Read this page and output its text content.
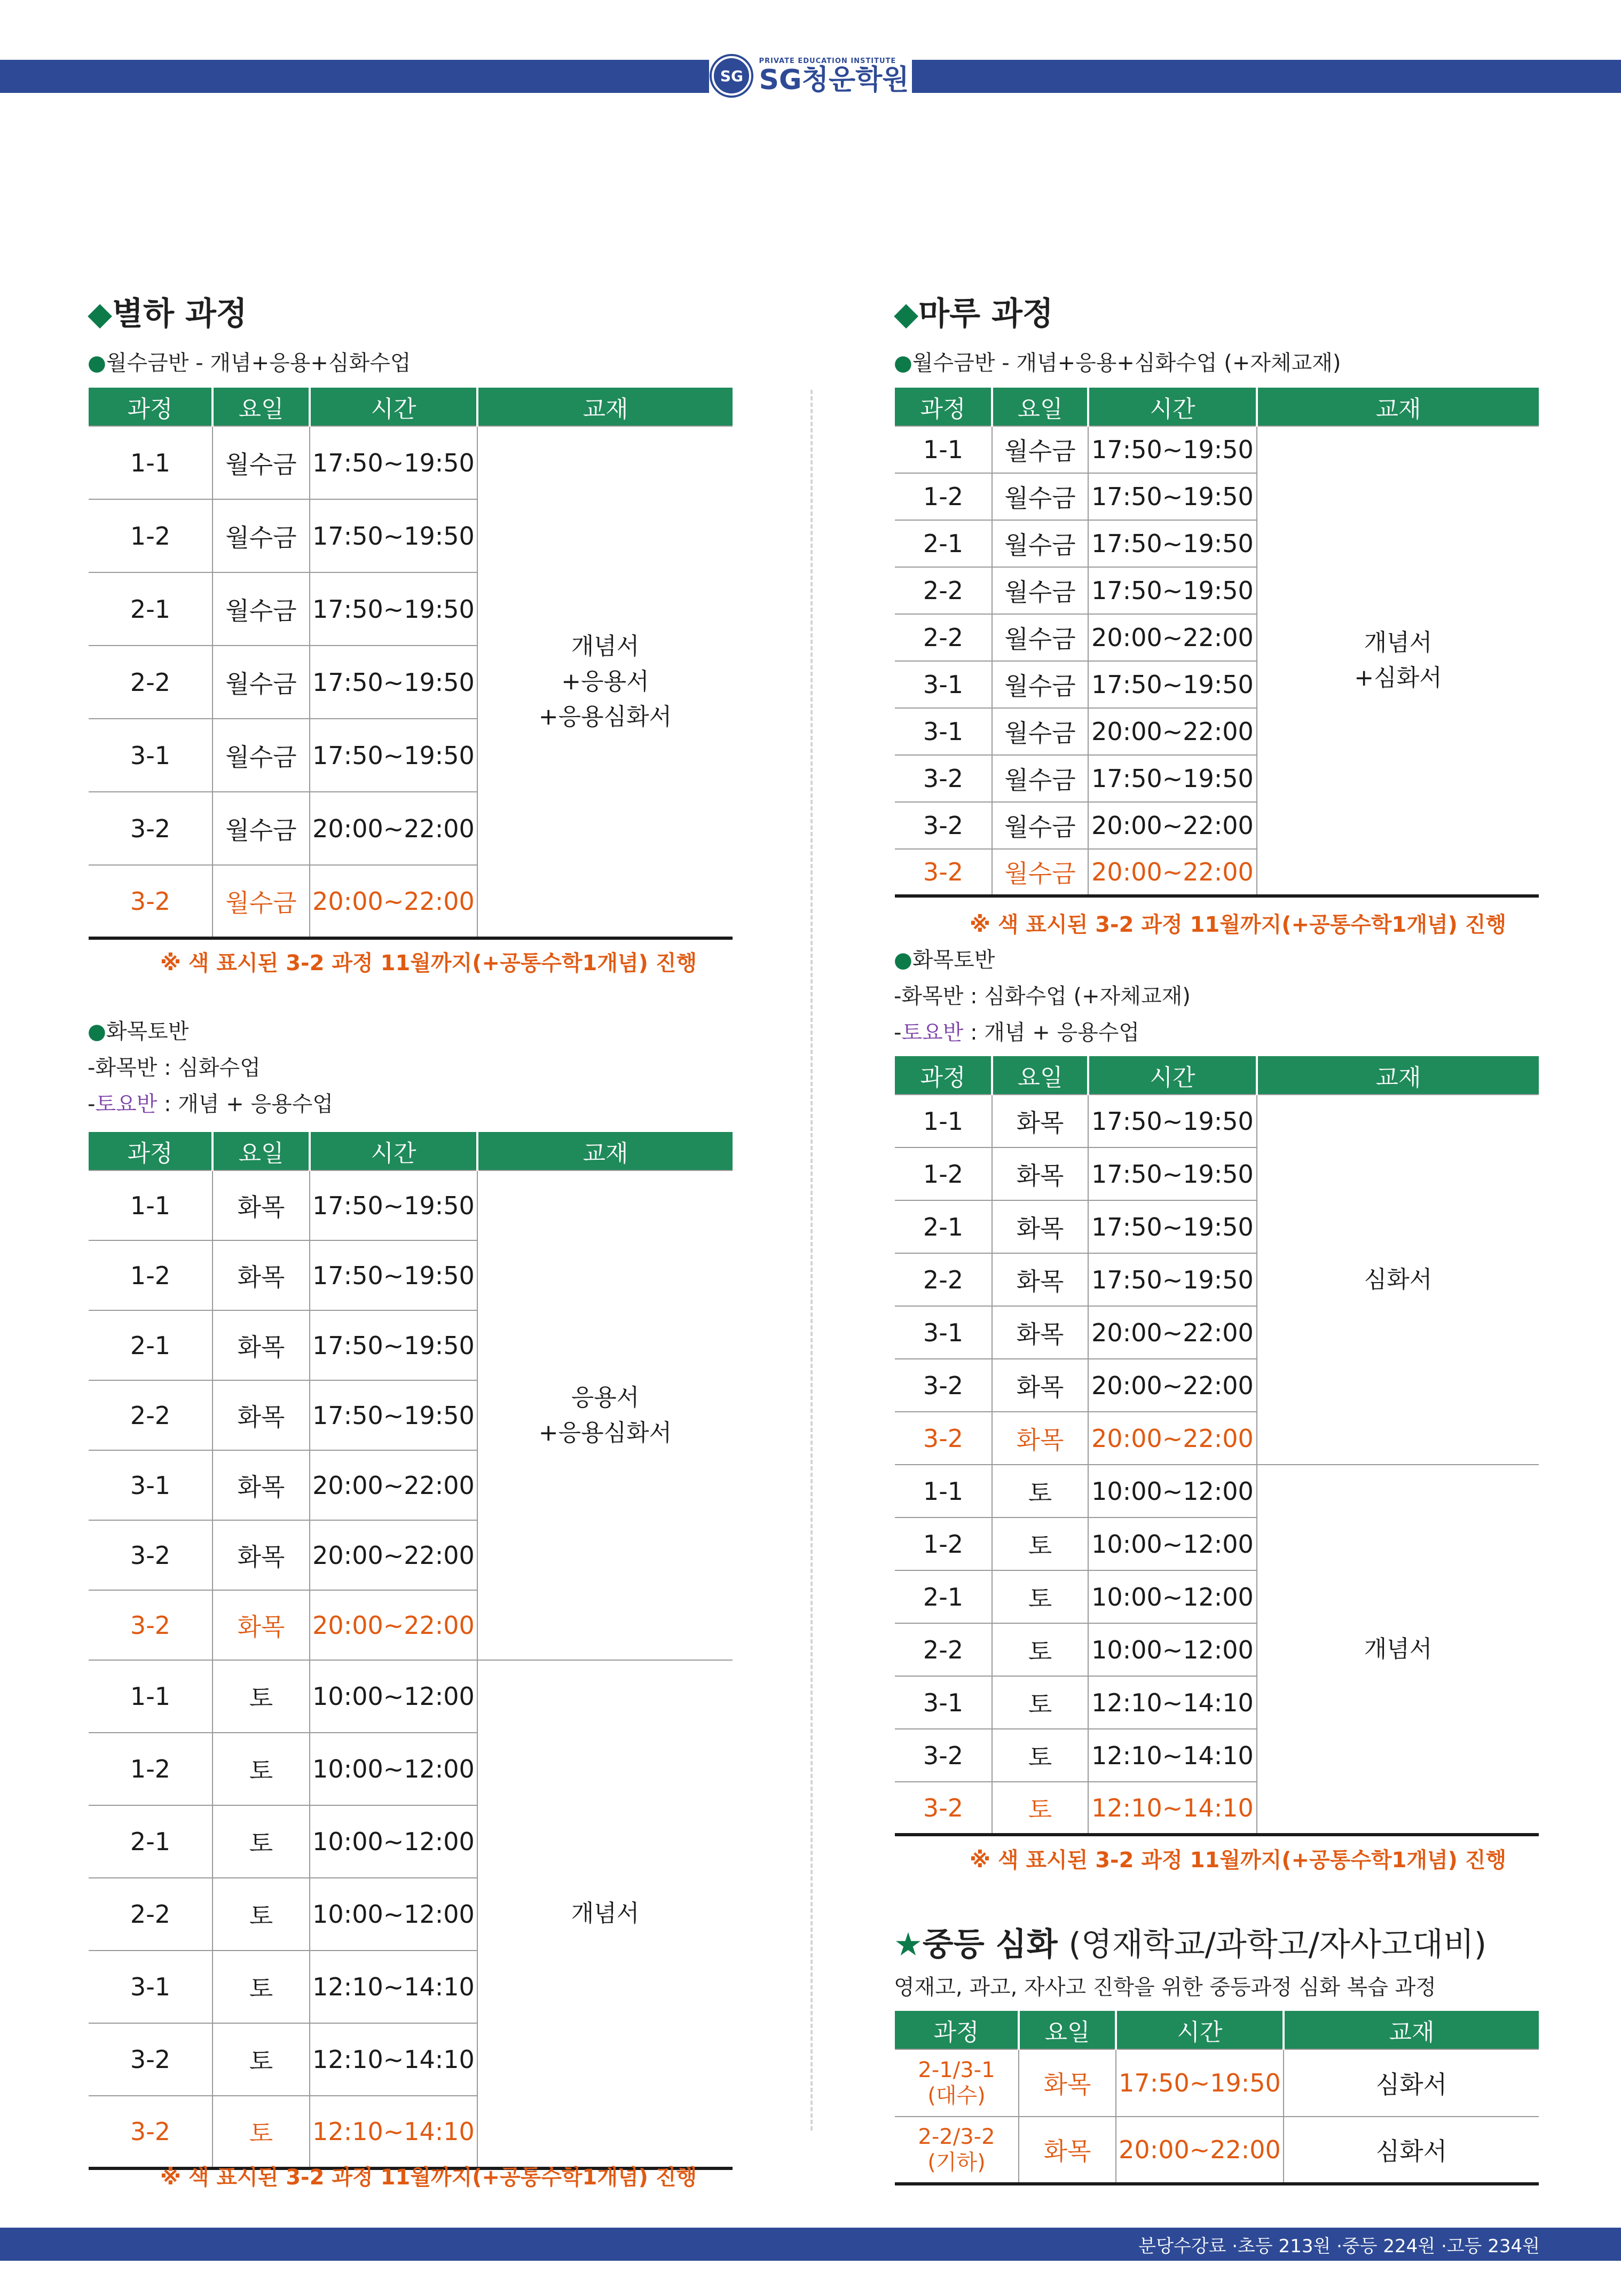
SG
PRIVATE EDUCATION INSTITUTE
SG청운학원
◆별하 과정
●월수금반 - 개념+응용+심화수업
과정	요일	시간	교재
1-1	월수금	17:50~19:50	개념서
+응용서
+응용심화서

1-2	월수금	17:50~19:50	
2-1	월수금	17:50~19:50	
2-2	월수금	17:50~19:50	
3-1	월수금	17:50~19:50	
3-2	월수금	20:00~22:00	
3-2	월수금	20:00~22:00	
※ 색 표시된 3-2 과정 11월까지(+공통수학1개념) 진행
●화목토반
-화목반 : 심화수업
-토요반 : 개념 + 응용수업
과정	요일	시간	교재
1-1	화목	17:50~19:50	응용서
+응용심화서

1-2	화목	17:50~19:50	
2-1	화목	17:50~19:50	
2-2	화목	17:50~19:50	
3-1	화목	20:00~22:00	
3-2	화목	20:00~22:00	
3-2	화목	20:00~22:00	
1-1	토	10:00~12:00	개념서

1-2	토	10:00~12:00	
2-1	토	10:00~12:00	
2-2	토	10:00~12:00	
3-1	토	12:10~14:10	
3-2	토	12:10~14:10	
3-2	토	12:10~14:10	
※ 색 표시된 3-2 과정 11월까지(+공통수학1개념) 진행
◆마루 과정
●월수금반 - 개념+응용+심화수업 (+자체교재)
과정	요일	시간	교재
1-1	월수금	17:50~19:50	개념서
+심화서

1-2	월수금	17:50~19:50	
2-1	월수금	17:50~19:50	
2-2	월수금	17:50~19:50	
2-2	월수금	20:00~22:00	
3-1	월수금	17:50~19:50	
3-1	월수금	20:00~22:00	
3-2	월수금	17:50~19:50	
3-2	월수금	20:00~22:00	
3-2	월수금	20:00~22:00	
※ 색 표시된 3-2 과정 11월까지(+공통수학1개념) 진행
●화목토반
-화목반 : 심화수업 (+자체교재)
-토요반 : 개념 + 응용수업
과정	요일	시간	교재
1-1	화목	17:50~19:50	심화서

1-2	화목	17:50~19:50	
2-1	화목	17:50~19:50	
2-2	화목	17:50~19:50	
3-1	화목	20:00~22:00	
3-2	화목	20:00~22:00	
3-2	화목	20:00~22:00	
1-1	토	10:00~12:00	개념서

1-2	토	10:00~12:00	
2-1	토	10:00~12:00	
2-2	토	10:00~12:00	
3-1	토	12:10~14:10	
3-2	토	12:10~14:10	
3-2	토	12:10~14:10	
※ 색 표시된 3-2 과정 11월까지(+공통수학1개념) 진행
★중등 심화 (영재학교/과학고/자사고대비)
영재고, 과고, 자사고 진학을 위한 중등과정 심화 복습 과정
과정	요일	시간	교재

2-1/3-1
(대수)	화목	17:50~19:50	심화서

2-2/3-2
(기하)	화목	20:00~22:00	심화서
분당수강료 ·초등 213원 ·중등 224원 ·고등 234원
